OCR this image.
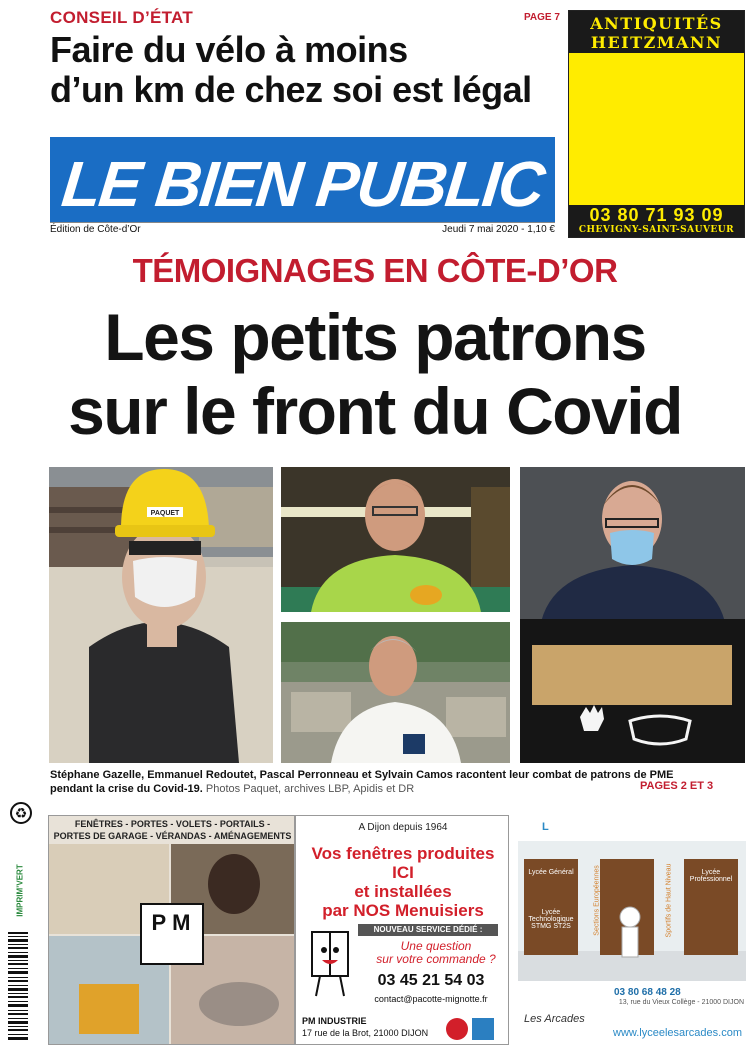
CONSEIL D’ÉTAT	PAGE 7
Faire du vélo à moins
d’un km de chez soi est légal
LE BIEN PUBLIC
Édition de Côte-d’Or	Jeudi 7 mai 2020 - 1,10 €
ANTIQUITÉS
HEITZMANN
03 80 71 93 09
CHEVIGNY-SAINT-SAUVEUR
TÉMOIGNAGES EN CÔTE-D’OR
Les petits patrons
sur le front du Covid
PAQUET
Stéphane Gazelle, Emmanuel Redoutet, Pascal Perronneau et Sylvain Camos racontent leur combat de patrons de PME
pendant la crise du Covid-19. Photos Paquet, archives LBP, Apidis et DR	PAGES 2 ET 3
♻
IMPRIM’VERT
FENÊTRES - PORTES - VOLETS - PORTAILS -
PORTES DE GARAGE - VÉRANDAS - AMÉNAGEMENTS
PM
A Dijon depuis 1964
Vos fenêtres produites
ICI
et installées
par NOS Menuisiers
NOUVEAU SERVICE DÉDIÉ :
Une question
sur votre commande ?
03 45 21 54 03
contact@pacotte-mignotte.fr
PM INDUSTRIE
17 rue de la Brot, 21000 DIJON
L
Lycée Général
Lycée Technologique STMG ST2S
Lycée Professionnel
Sections Européennes	Sportifs de Haut Niveau
03 80 68 48 28
13, rue du Vieux Collège - 21000 DIJON
Les Arcades
www.lyceelesarcades.com
